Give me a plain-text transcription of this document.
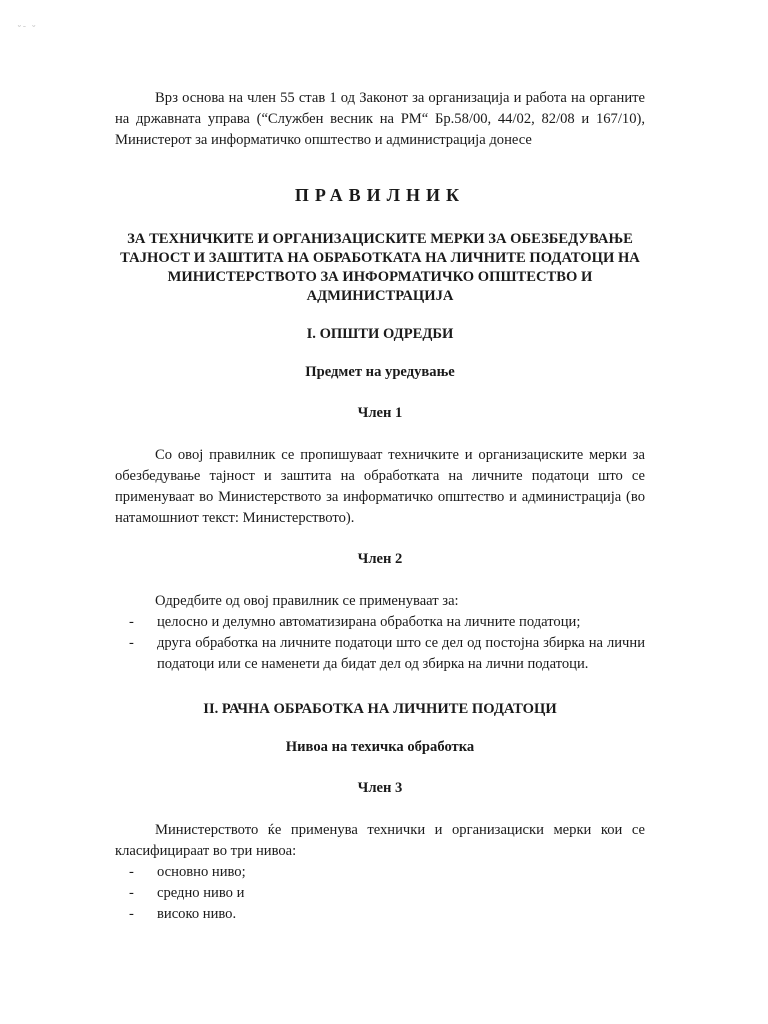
˘ˉ ˘

Врз основа на член 55 став 1 од Законот за организација и работа на органите на државната управа (“Службен весник на РМ“ Бр.58/00, 44/02, 82/08 и 167/10), Министерот за информатичко општество и администрација донесе

ПРАВИЛНИК
ЗА ТЕХНИЧКИТЕ И ОРГАНИЗАЦИСКИТЕ МЕРКИ ЗА ОБЕЗБЕДУВАЊЕ ТАЈНОСТ И ЗАШТИТА НА ОБРАБОТКАТА НА ЛИЧНИТЕ ПОДАТОЦИ НА МИНИСТЕРСТВОТО ЗА ИНФОРМАТИЧКО ОПШТЕСТВО И АДМИНИСТРАЦИЈА
I. ОПШТИ ОДРЕДБИ
Предмет на уредување
Член 1

Со овој правилник се пропишуваат техничките и организациските мерки за обезбедување тајност и заштита на обработката на личните податоци што се применуваат во Министерството за информатичко општество и администрација (во натамошниот текст: Министерството).

Член 2

Одредбите од овој правилник се применуваат за:

- целосно и делумно автоматизирана обработка на личните податоци;
- друга обработка на личните податоци што се дел од постојна збирка на лични податоци или се наменети да бидат дел од збирка на лични податоци.
II. РАЧНА ОБРАБОТКА НА ЛИЧНИТЕ ПОДАТОЦИ
Нивоа на техичка обработка
Член 3

Министерството ќе применува технички и организациски мерки кои се класифицираат во три нивоа:

- основно ниво;
- средно ниво и
- високо ниво.
